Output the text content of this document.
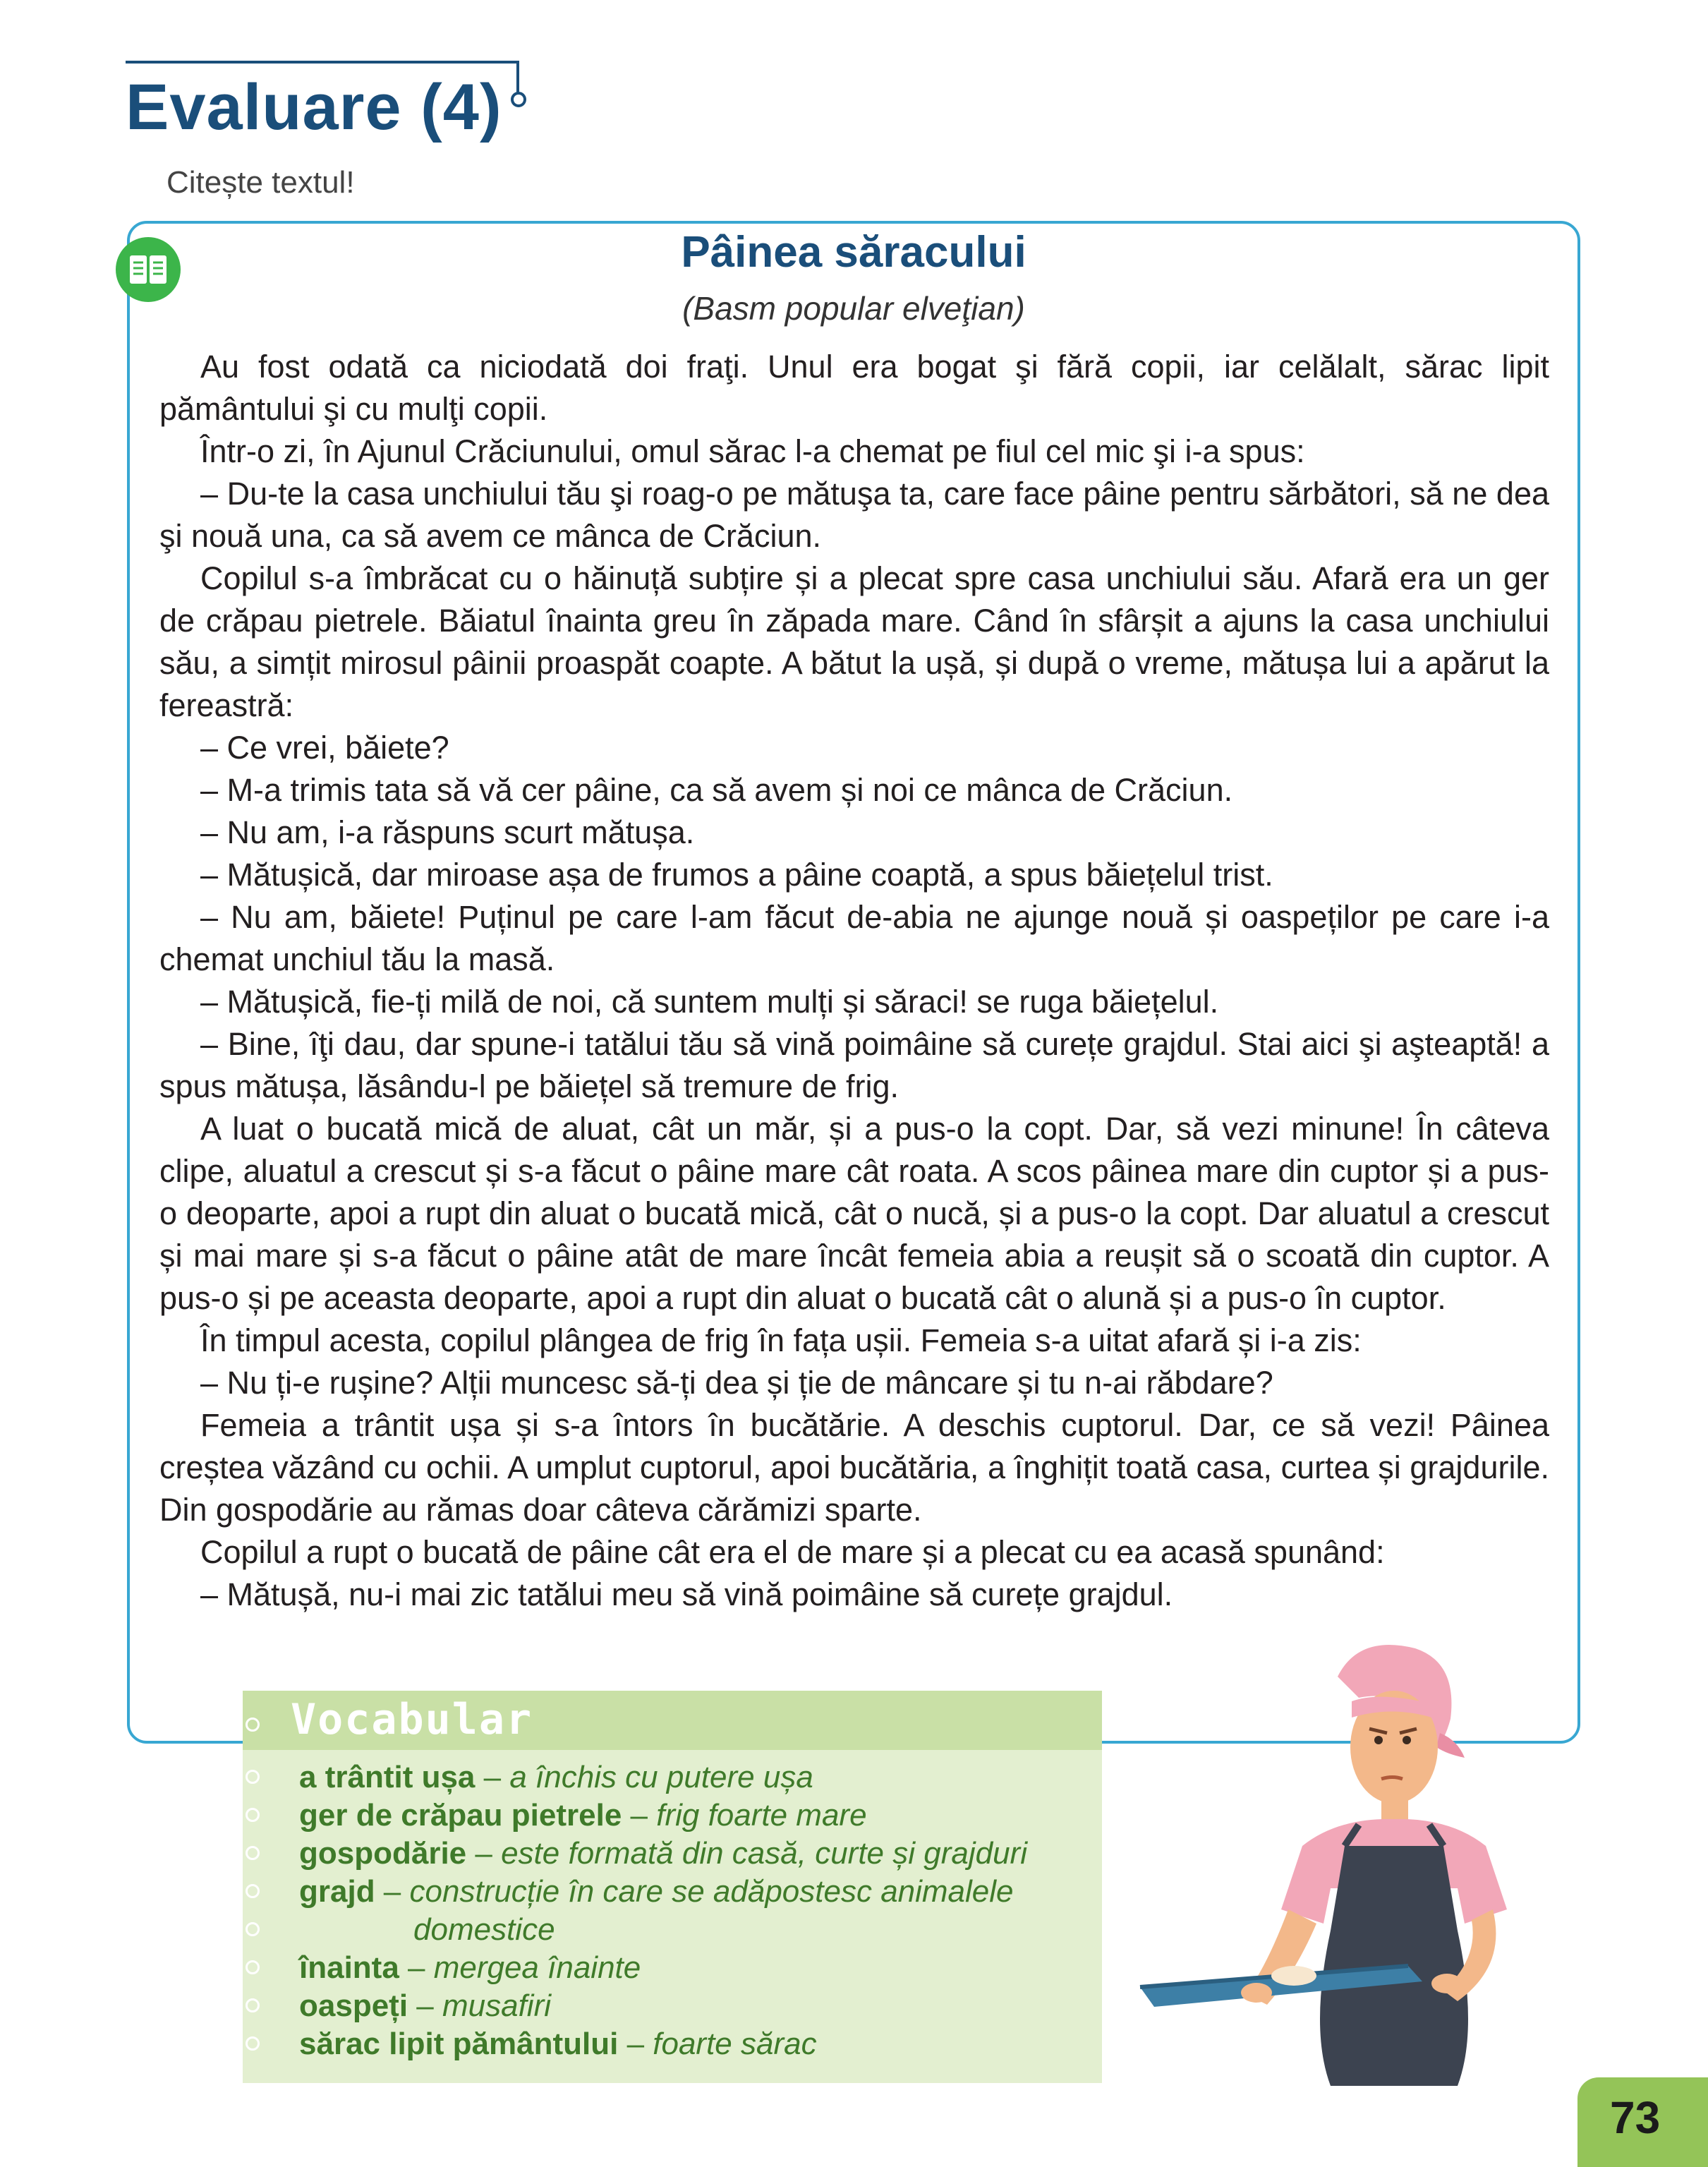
Evaluare (4)
Citește textul!
Pâinea săracului
(Basm popular elveţian)

Au fost odată ca niciodată doi fraţi. Unul era bogat şi fără copii, iar celălalt, sărac lipit pământului şi cu mulţi copii.

Într-o zi, în Ajunul Crăciunului, omul sărac l-a chemat pe fiul cel mic şi i-a spus:

– Du-te la casa unchiului tău şi roag-o pe mătuşa ta, care face pâine pentru sărbători, să ne dea şi nouă una, ca să avem ce mânca de Crăciun.

Copilul s-a îmbrăcat cu o hăinuță subțire și a plecat spre casa unchiului său. Afară era un ger de crăpau pietrele. Băiatul înainta greu în zăpada mare. Când în sfârșit a ajuns la casa unchiului său, a simțit mirosul pâinii proaspăt coapte. A bătut la ușă, și după o vreme, mătușa lui a apărut la fereastră:

– Ce vrei, băiete?

– M-a trimis tata să vă cer pâine, ca să avem și noi ce mânca de Crăciun.

– Nu am, i-a răspuns scurt mătușa.

– Mătușică, dar miroase așa de frumos a pâine coaptă, a spus băiețelul trist.

– Nu am, băiete! Puținul pe care l-am făcut de-abia ne ajunge nouă și oaspeților pe care i-a chemat unchiul tău la masă.

– Mătușică, fie-ți milă de noi, că suntem mulți și săraci! se ruga băiețelul.

– Bine, îţi dau, dar spune-i tatălui tău să vină poimâine să curețe grajdul. Stai aici şi aşteaptă! a spus mătușa, lăsându-l pe băiețel să tremure de frig.

A luat o bucată mică de aluat, cât un măr, și a pus-o la copt. Dar, să vezi minune! În câteva clipe, aluatul a crescut și s-a făcut o pâine mare cât roata. A scos pâinea mare din cuptor și a pus-o deoparte, apoi a rupt din aluat o bucată mică, cât o nucă, și a pus-o la copt. Dar aluatul a crescut și mai mare și s-a făcut o pâine atât de mare încât femeia abia a reușit să o scoată din cuptor. A pus-o și pe aceasta deoparte, apoi a rupt din aluat o bucată cât o alună și a pus-o în cuptor.

În timpul acesta, copilul plângea de frig în fața ușii. Femeia s-a uitat afară și i-a zis:

– Nu ți-e rușine? Alții muncesc să-ți dea și ție de mâncare și tu n-ai răbdare?

Femeia a trântit ușa și s-a întors în bucătărie. A deschis cuptorul. Dar, ce să vezi! Pâinea creștea văzând cu ochii. A umplut cuptorul, apoi bucătăria, a înghițit toată casa, curtea și grajdurile. Din gospodărie au rămas doar câteva cărămizi sparte.

Copilul a rupt o bucată de pâine cât era el de mare și a plecat cu ea acasă spunând:

– Mătușă, nu-i mai zic tatălui meu să vină poimâine să curețe grajdul.

Vocabular
a trântit ușa – a închis cu putere ușa
ger de crăpau pietrele – frig foarte mare
gospodărie – este formată din casă, curte și grajduri
grajd – construcție în care se adăpostesc animalele
domestice
înainta – mergea înainte
oaspeți – musafiri
sărac lipit pământului – foarte sărac
73
